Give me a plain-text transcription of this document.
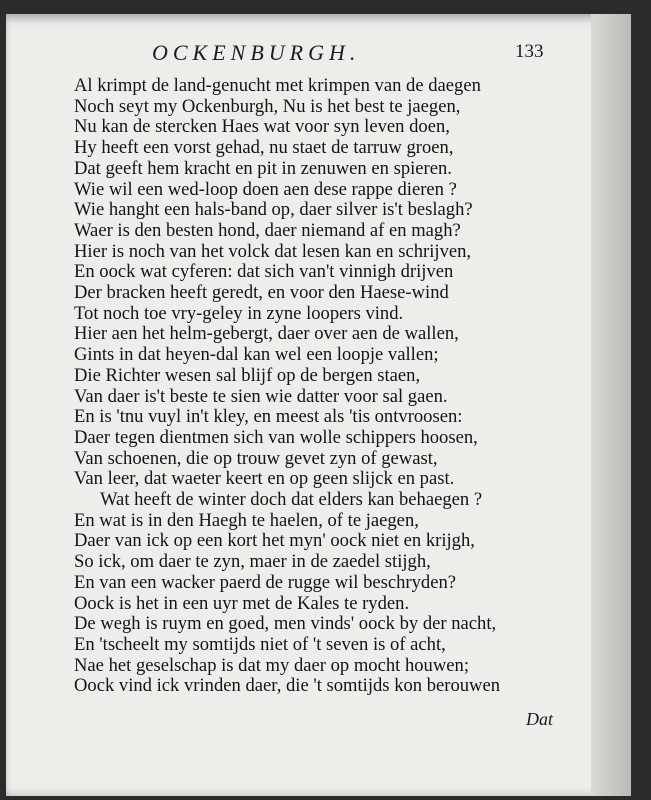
OCKENBURGH.	133
Al krimpt de land-genucht met krimpen van de daegen
Noch seyt my Ockenburgh, Nu is het best te jaegen,
Nu kan de stercken Haes wat voor syn leven doen,
Hy heeft een vorst gehad, nu staet de tarruw groen,
Dat geeft hem kracht en pit in zenuwen en spieren.
Wie wil een wed-loop doen aen dese rappe dieren ?
Wie hanght een hals-band op, daer silver is't beslagh?
Waer is den besten hond, daer niemand af en magh?
Hier is noch van het volck dat lesen kan en schrijven,
En oock wat cyferen: dat sich van't vinnigh drijven
Der bracken heeft geredt, en voor den Haese-wind
Tot noch toe vry-geley in zyne loopers vind.
Hier aen het helm-gebergt, daer over aen de wallen,
Gints in dat heyen-dal kan wel een loopje vallen;
Die Richter wesen sal blijf op de bergen staen,
Van daer is't beste te sien wie datter voor sal gaen.
En is 'tnu vuyl in't kley, en meest als 'tis ontvroosen:
Daer tegen dientmen sich van wolle schippers hoosen,
Van schoenen, die op trouw gevet zyn of gewast,
Van leer, dat waeter keert en op geen slijck en past.
Wat heeft de winter doch dat elders kan behaegen ?
En wat is in den Haegh te haelen, of te jaegen,
Daer van ick op een kort het myn' oock niet en krijgh,
So ick, om daer te zyn, maer in de zaedel stijgh,
En van een wacker paerd de rugge wil beschryden?
Oock is het in een uyr met de Kales te ryden.
De wegh is ruym en goed, men vinds' oock by der nacht,
En 'tscheelt my somtijds niet of 't seven is of acht,
Nae het geselschap is dat my daer op mocht houwen;
Oock vind ick vrinden daer, die 't somtijds kon berouwen
Dat
